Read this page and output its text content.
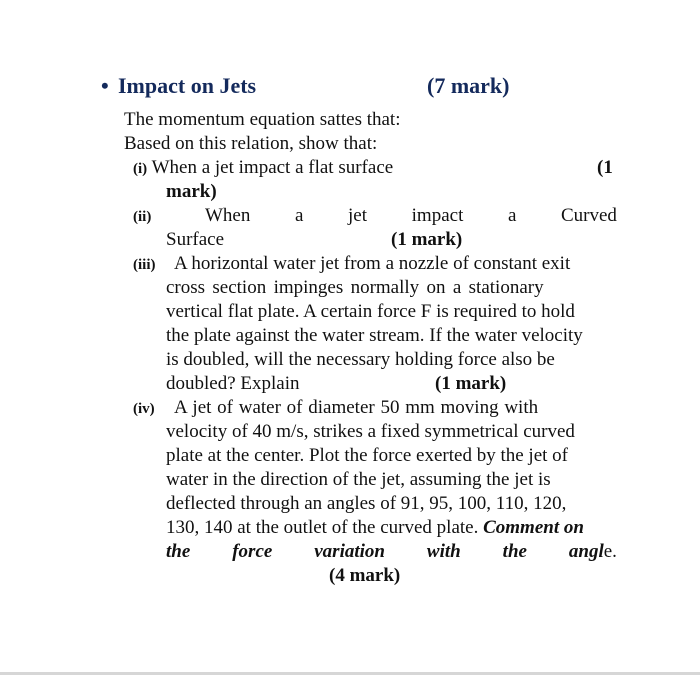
• Impact on Jets	(7 mark)
The momentum equation sattes that:
Based on this relation, show that:
(i) When a jet impact a flat surface	(1
mark)
(ii)	When a jet impact a Curved
Surface	(1 mark)
(iii) A horizontal water jet from a nozzle of constant exit
cross section impinges normally on a stationary
vertical flat plate. A certain force F is required to hold
the plate against the water stream. If the water velocity
is doubled, will the necessary holding force also be
doubled? Explain	(1 mark)
(iv) A jet of water of diameter 50 mm moving with
velocity of 40 m/s, strikes a fixed symmetrical curved
plate at the center. Plot the force exerted by the jet of
water in the direction of the jet, assuming the jet is
deflected through an angles of 91, 95, 100, 110, 120,
130, 140 at the outlet of the curved plate. Comment on
the force variation with the angle.
(4 mark)
